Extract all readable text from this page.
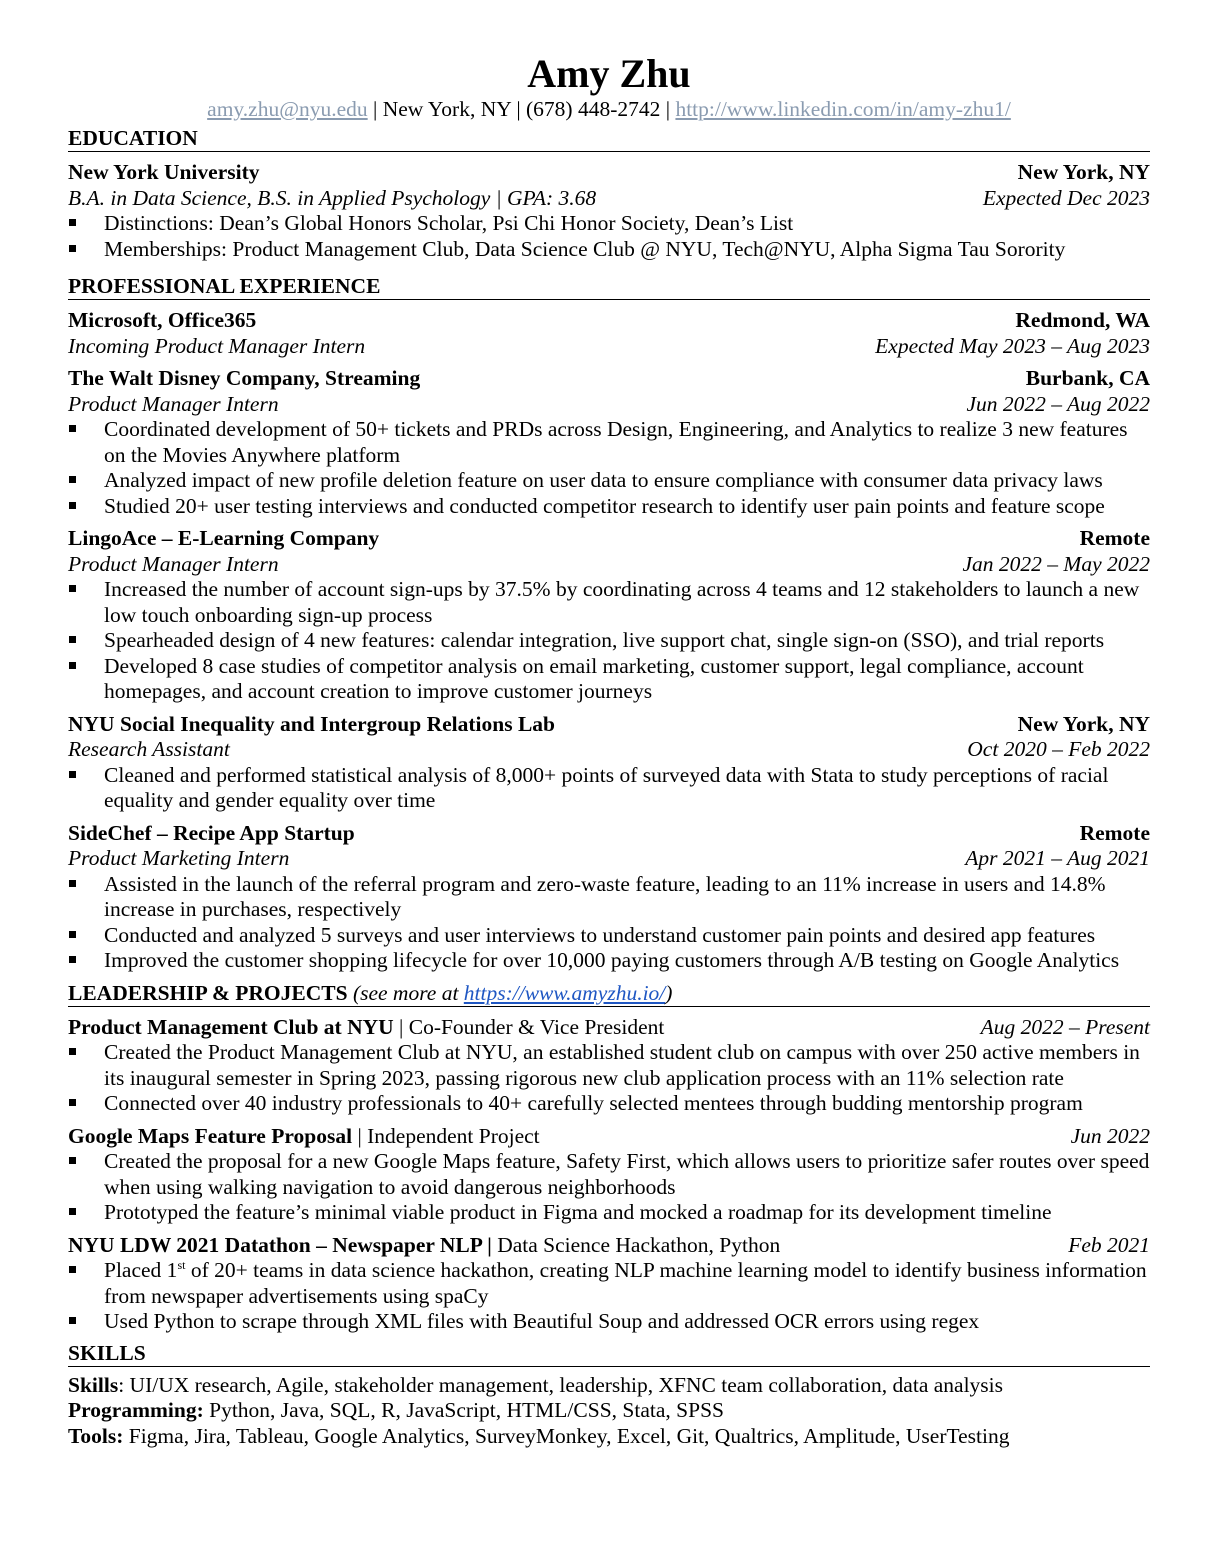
Amy Zhu
amy.zhu@nyu.edu | New York, NY | (678) 448-2742 | http://www.linkedin.com/in/amy-zhu1/
EDUCATION
New York University	New York, NY
B.A. in Data Science, B.S. in Applied Psychology | GPA: 3.68	Expected Dec 2023
Distinctions: Dean’s Global Honors Scholar, Psi Chi Honor Society, Dean’s List
Memberships: Product Management Club, Data Science Club @ NYU, Tech@NYU, Alpha Sigma Tau Sorority
PROFESSIONAL EXPERIENCE
Microsoft, Office365	Redmond, WA
Incoming Product Manager Intern	Expected May 2023 – Aug 2023
The Walt Disney Company, Streaming	Burbank, CA
Product Manager Intern	Jun 2022 – Aug 2022
Coordinated development of 50+ tickets and PRDs across Design, Engineering, and Analytics to realize 3 new features on the Movies Anywhere platform
Analyzed impact of new profile deletion feature on user data to ensure compliance with consumer data privacy laws
Studied 20+ user testing interviews and conducted competitor research to identify user pain points and feature scope
LingoAce – E-Learning Company	Remote
Product Manager Intern	Jan 2022 – May 2022
Increased the number of account sign-ups by 37.5% by coordinating across 4 teams and 12 stakeholders to launch a new low touch onboarding sign-up process
Spearheaded design of 4 new features: calendar integration, live support chat, single sign-on (SSO), and trial reports
Developed 8 case studies of competitor analysis on email marketing, customer support, legal compliance, account homepages, and account creation to improve customer journeys
NYU Social Inequality and Intergroup Relations Lab	New York, NY
Research Assistant	Oct 2020 – Feb 2022
Cleaned and performed statistical analysis of 8,000+ points of surveyed data with Stata to study perceptions of racial equality and gender equality over time
SideChef – Recipe App Startup	Remote
Product Marketing Intern	Apr 2021 – Aug 2021
Assisted in the launch of the referral program and zero-waste feature, leading to an 11% increase in users and 14.8% increase in purchases, respectively
Conducted and analyzed 5 surveys and user interviews to understand customer pain points and desired app features
Improved the customer shopping lifecycle for over 10,000 paying customers through A/B testing on Google Analytics
LEADERSHIP & PROJECTS (see more at https://www.amyzhu.io/)
Product Management Club at NYU | Co-Founder & Vice President	Aug 2022 – Present
Created the Product Management Club at NYU, an established student club on campus with over 250 active members in its inaugural semester in Spring 2023, passing rigorous new club application process with an 11% selection rate
Connected over 40 industry professionals to 40+ carefully selected mentees through budding mentorship program
Google Maps Feature Proposal | Independent Project	Jun 2022
Created the proposal for a new Google Maps feature, Safety First, which allows users to prioritize safer routes over speed when using walking navigation to avoid dangerous neighborhoods
Prototyped the feature’s minimal viable product in Figma and mocked a roadmap for its development timeline
NYU LDW 2021 Datathon – Newspaper NLP | Data Science Hackathon, Python	Feb 2021
Placed 1st of 20+ teams in data science hackathon, creating NLP machine learning model to identify business information from newspaper advertisements using spaCy
Used Python to scrape through XML files with Beautiful Soup and addressed OCR errors using regex
SKILLS
Skills: UI/UX research, Agile, stakeholder management, leadership, XFNC team collaboration, data analysis
Programming: Python, Java, SQL, R, JavaScript, HTML/CSS, Stata, SPSS
Tools: Figma, Jira, Tableau, Google Analytics, SurveyMonkey, Excel, Git, Qualtrics, Amplitude, UserTesting
